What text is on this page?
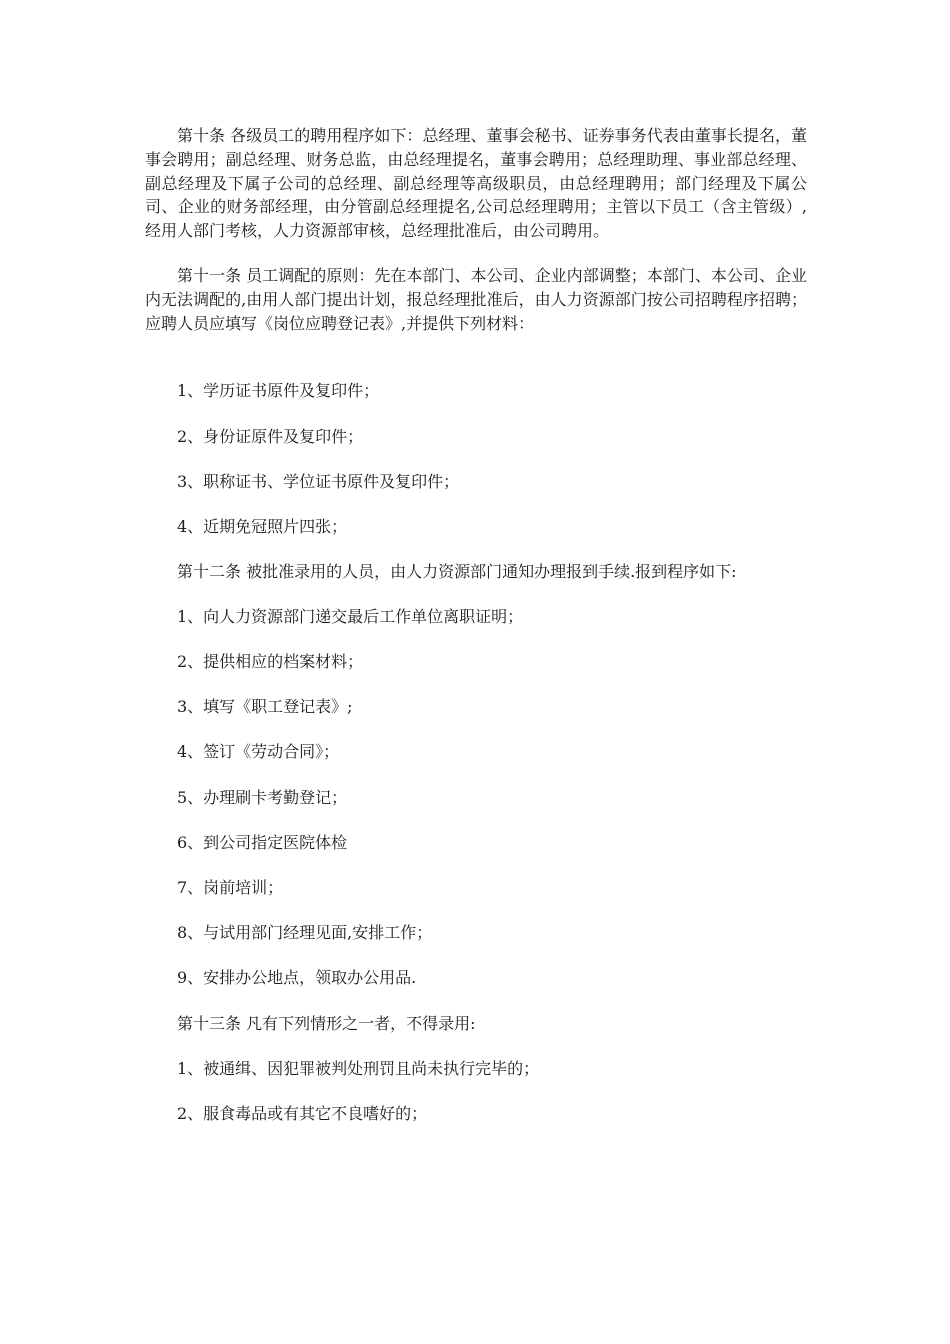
第十条 各级员工的聘用程序如下：总经理、董事会秘书、证券事务代表由董事长提名，董事会聘用；副总经理、财务总监，由总经理提名，董事会聘用；总经理助理、事业部总经理、副总经理及下属子公司的总经理、副总经理等高级职员，由总经理聘用；部门经理及下属公司、企业的财务部经理，由分管副总经理提名,公司总经理聘用；主管以下员工（含主管级）,经用人部门考核，人力资源部审核，总经理批准后，由公司聘用。

第十一条 员工调配的原则：先在本部门、本公司、企业内部调整；本部门、本公司、企业内无法调配的,由用人部门提出计划，报总经理批准后，由人力资源部门按公司招聘程序招聘；应聘人员应填写《岗位应聘登记表》,并提供下列材料：

1、学历证书原件及复印件；

2、身份证原件及复印件；

3、职称证书、学位证书原件及复印件；

4、近期免冠照片四张；

第十二条 被批准录用的人员，由人力资源部门通知办理报到手续.报到程序如下:

1、向人力资源部门递交最后工作单位离职证明；

2、提供相应的档案材料；

3、填写《职工登记表》;

4、签订《劳动合同》；

5、办理刷卡考勤登记；

6、到公司指定医院体检

7、岗前培训；

8、与试用部门经理见面,安排工作；

9、安排办公地点，领取办公用品.

第十三条 凡有下列情形之一者，不得录用:

1、被通缉、因犯罪被判处刑罚且尚未执行完毕的；

2、服食毒品或有其它不良嗜好的；
